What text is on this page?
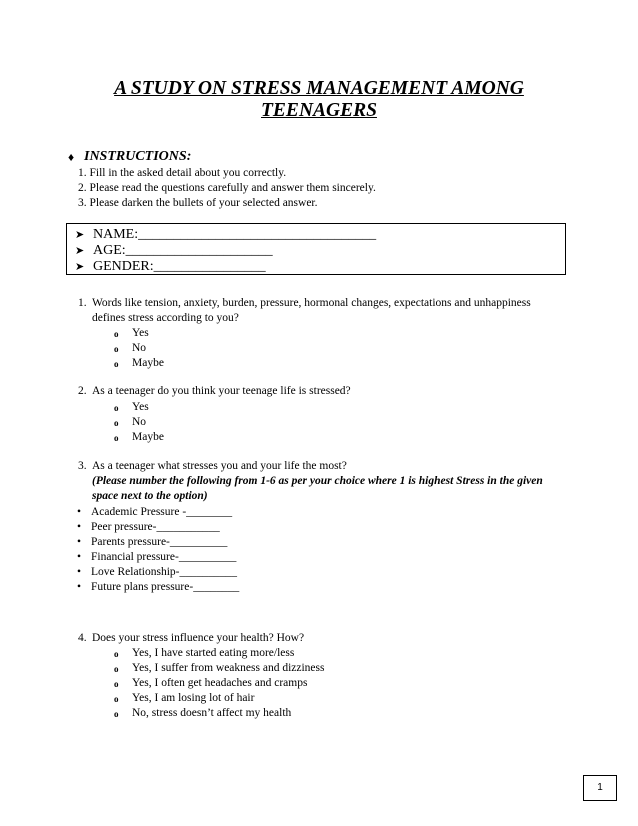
A STUDY ON STRESS MANAGEMENT AMONG
TEENAGERS
♦ INSTRUCTIONS:
1. Fill in the asked detail about you correctly.
2. Please read the questions carefully and answer them sincerely.
3. Please darken the bullets of your selected answer.
➤ NAME:__________________________________
➤ AGE:_____________________
➤ GENDER:________________
1. Words like tension, anxiety, burden, pressure, hormonal changes, expectations and unhappiness defines stress according to you?
o Yes
o No
o Maybe
2. As a teenager do you think your teenage life is stressed?
o Yes
o No
o Maybe
3. As a teenager what stresses you and your life the most?
(Please number the following from 1-6 as per your choice where 1 is highest Stress in the given space next to the option)
• Academic Pressure -________
• Peer pressure-___________
• Parents pressure-__________
• Financial pressure-__________
• Love Relationship-__________
• Future plans pressure-________
4. Does your stress influence your health? How?
o Yes, I have started eating more/less
o Yes, I suffer from weakness and dizziness
o Yes, I often get headaches and cramps
o Yes, I am losing lot of hair
o No, stress doesn’t affect my health
1
